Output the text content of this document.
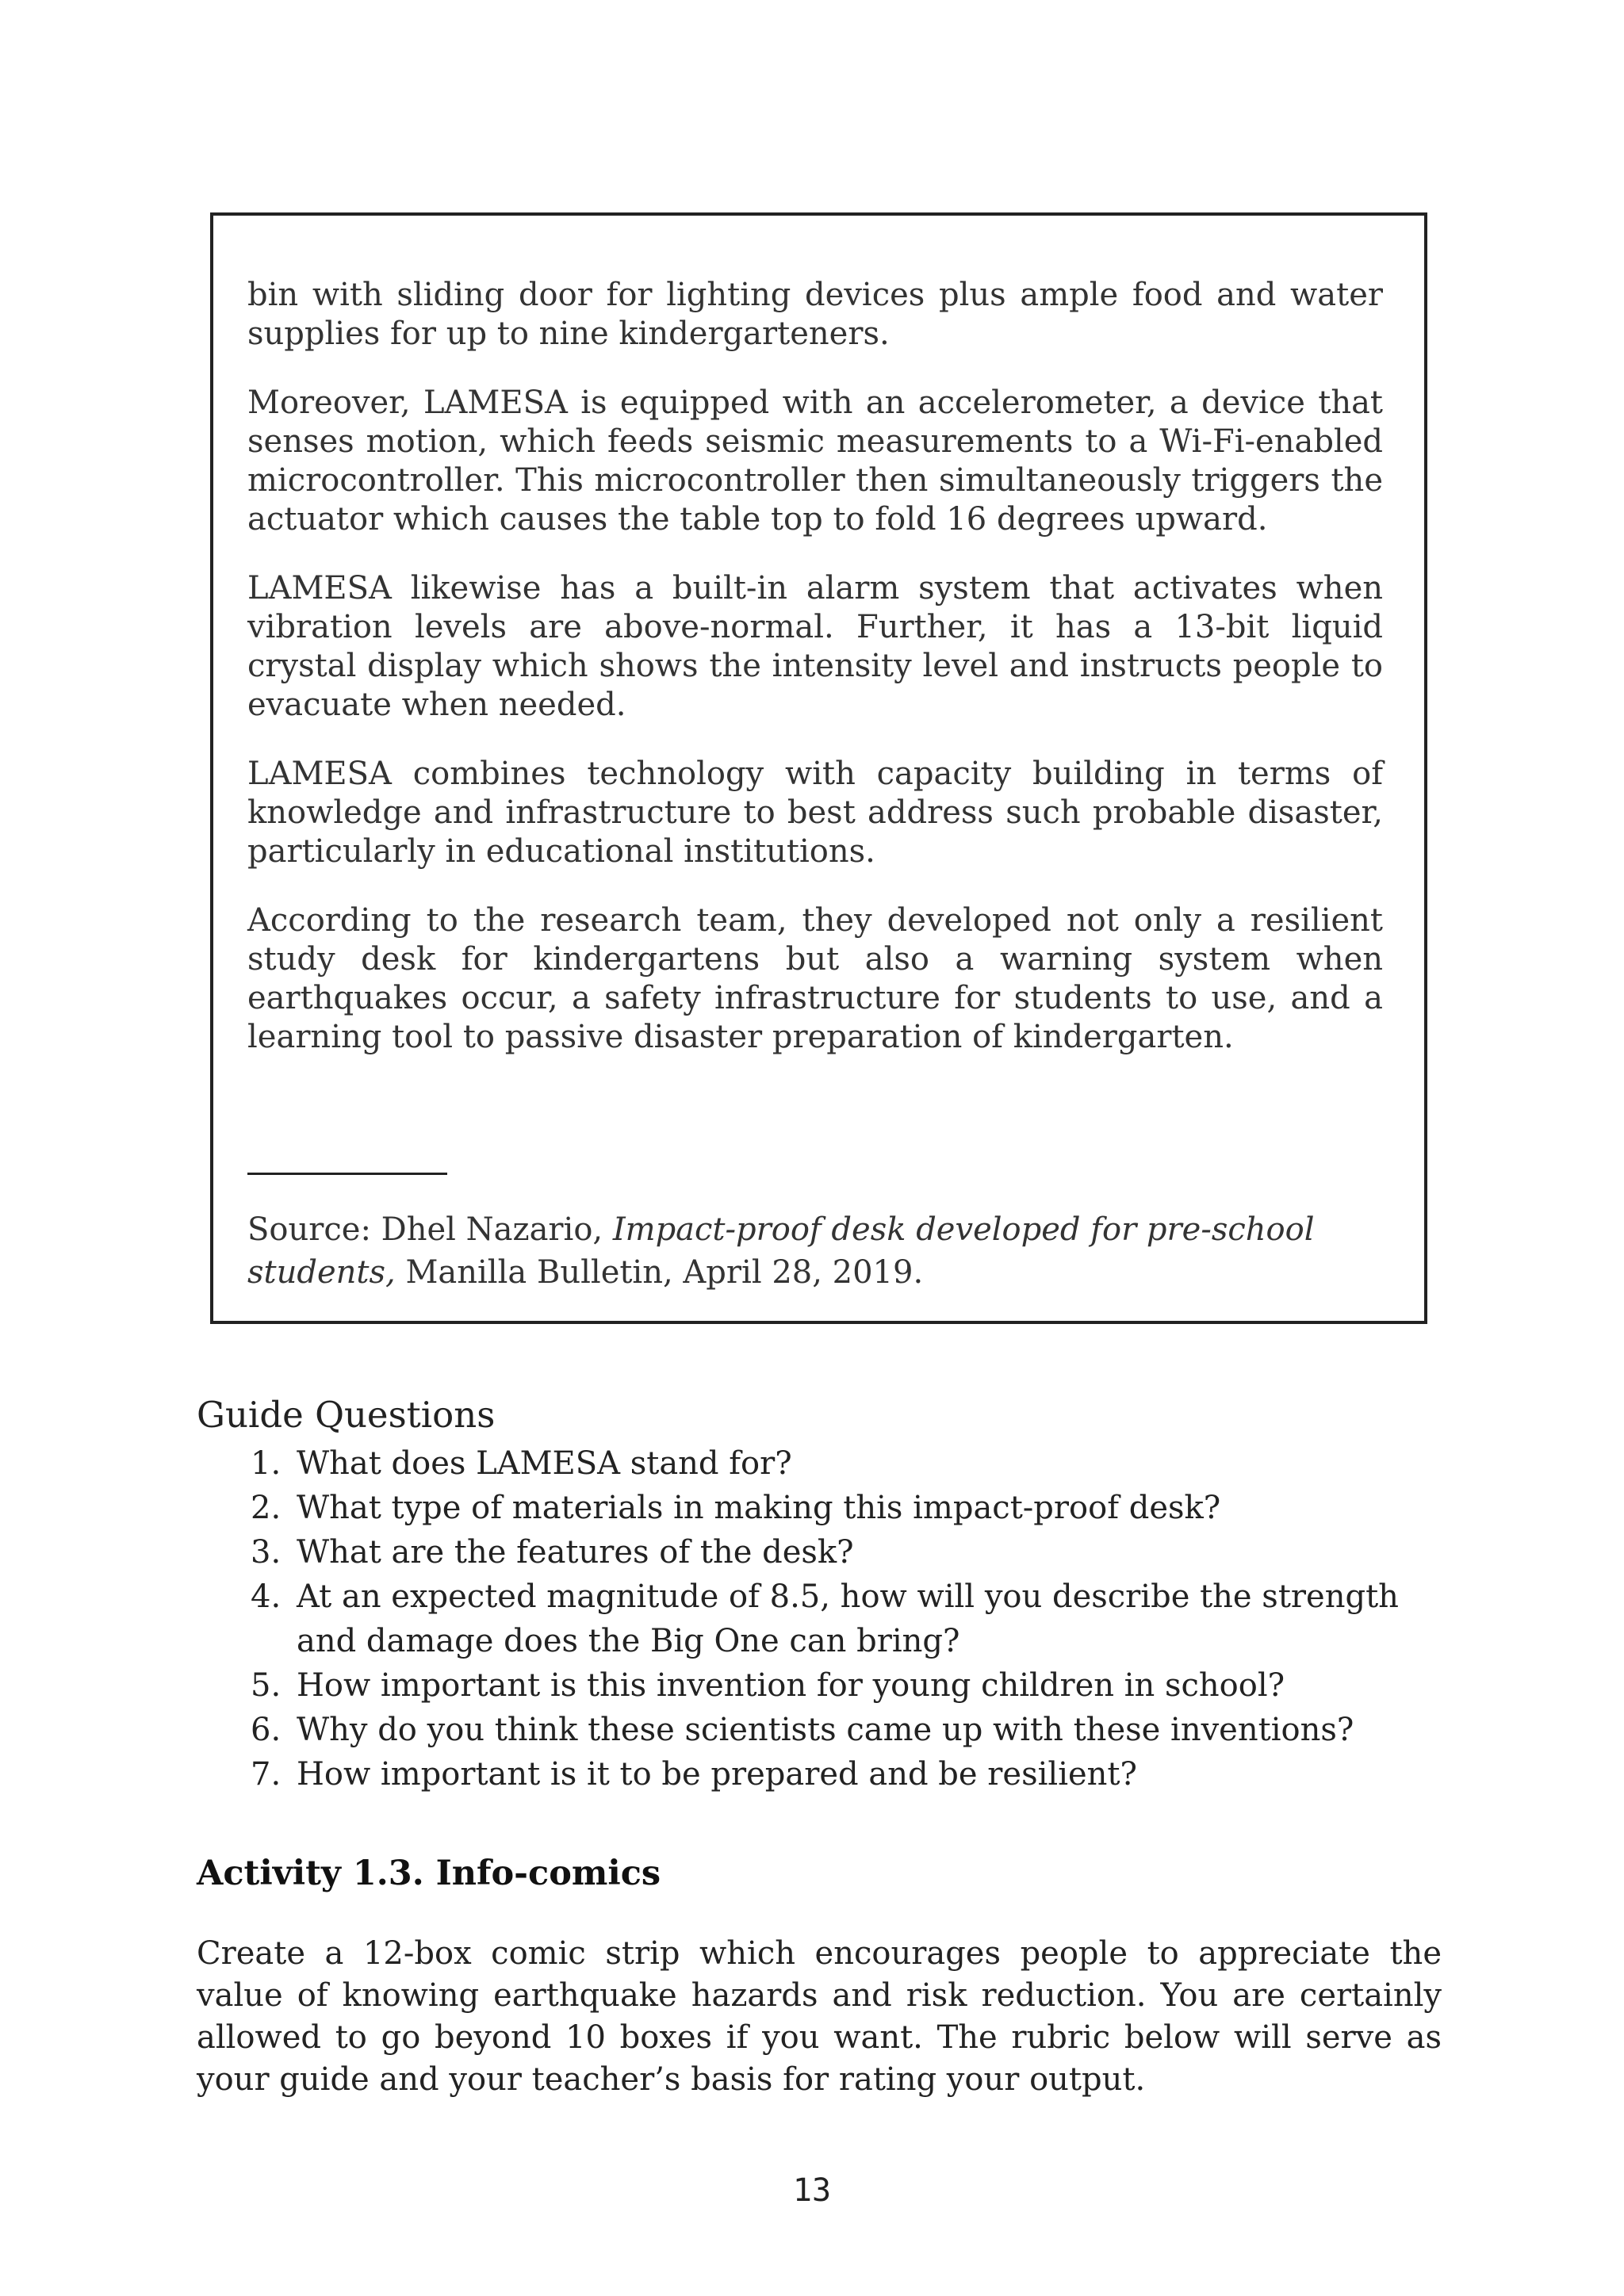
bin with sliding door for lighting devices plus ample food and water supplies for up to nine kindergarteners.

Moreover, LAMESA is equipped with an accelerometer, a device that senses motion, which feeds seismic measurements to a Wi-Fi-enabled microcontroller. This microcontroller then simultaneously triggers the actuator which causes the table top to fold 16 degrees upward.

LAMESA likewise has a built-in alarm system that activates when vibration levels are above-normal. Further, it has a 13-bit liquid crystal display which shows the intensity level and instructs people to evacuate when needed.

LAMESA combines technology with capacity building in terms of knowledge and infrastructure to best address such probable disaster, particularly in educational institutions.

According to the research team, they developed not only a resilient study desk for kindergartens but also a warning system when earthquakes occur, a safety infrastructure for students to use, and a learning tool to passive disaster preparation of kindergarten.

Source: Dhel Nazario, Impact-proof desk developed for pre-school students, Manilla Bulletin, April 28, 2019.
Guide Questions
1. What does LAMESA stand for?
2. What type of materials in making this impact-proof desk?
3. What are the features of the desk?
4. At an expected magnitude of 8.5, how will you describe the strength and damage does the Big One can bring?
5. How important is this invention for young children in school?
6. Why do you think these scientists came up with these inventions?
7. How important is it to be prepared and be resilient?
Activity 1.3. Info-comics

Create a 12-box comic strip which encourages people to appreciate the value of knowing earthquake hazards and risk reduction. You are certainly allowed to go beyond 10 boxes if you want. The rubric below will serve as your guide and your teacher’s basis for rating your output.

13
